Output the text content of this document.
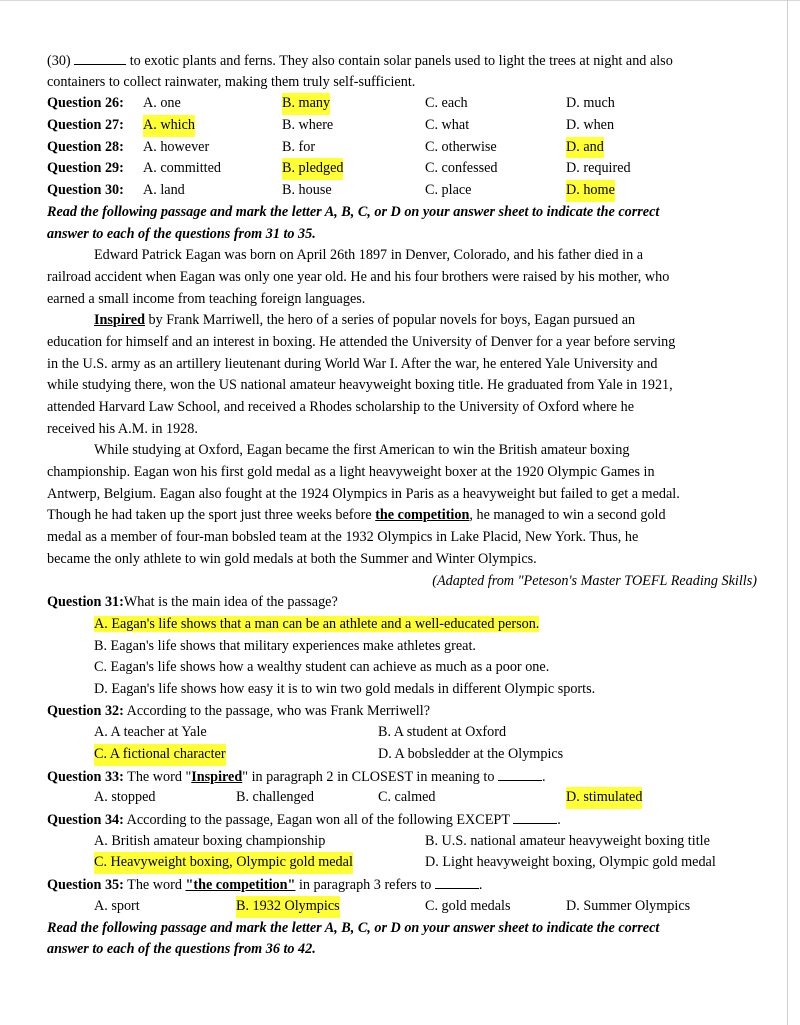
(30)	to exotic plants and ferns. They also contain solar panels used to light the trees at night and also
containers to collect rainwater, making them truly self-sufficient.
Question 26: A. one	B. many	C. each	D. much
Question 27: A. which	B. where	C. what	D. when
Question 28: A. however	B. for	C. otherwise	D. and
Question 29: A. committed	B. pledged	C. confessed	D. required
Question 30: A. land	B. house	C. place	D. home
Read the following passage and mark the letter A, B, C, or D on your answer sheet to indicate the correct
answer to each of the questions from 31 to 35.
Edward Patrick Eagan was born on April 26th 1897 in Denver, Colorado, and his father died in a
railroad accident when Eagan was only one year old. He and his four brothers were raised by his mother, who
earned a small income from teaching foreign languages.
Inspired by Frank Marriwell, the hero of a series of popular novels for boys, Eagan pursued an
education for himself and an interest in boxing. He attended the University of Denver for a year before serving
in the U.S. army as an artillery lieutenant during World War I. After the war, he entered Yale University and
while studying there, won the US national amateur heavyweight boxing title. He graduated from Yale in 1921,
attended Harvard Law School, and received a Rhodes scholarship to the University of Oxford where he
received his A.M. in 1928.
While studying at Oxford, Eagan became the first American to win the British amateur boxing
championship. Eagan won his first gold medal as a light heavyweight boxer at the 1920 Olympic Games in
Antwerp, Belgium. Eagan also fought at the 1924 Olympics in Paris as a heavyweight but failed to get a medal.
Though he had taken up the sport just three weeks before the competition, he managed to win a second gold
medal as a member of four-man bobsled team at the 1932 Olympics in Lake Placid, New York. Thus, he
became the only athlete to win gold medals at both the Summer and Winter Olympics.
(Adapted from "Peteson's Master TOEFL Reading Skills)
Question 31:What is the main idea of the passage?
A. Eagan's life shows that a man can be an athlete and a well-educated person.
B. Eagan's life shows that military experiences make athletes great.
C. Eagan's life shows how a wealthy student can achieve as much as a poor one.
D. Eagan's life shows how easy it is to win two gold medals in different Olympic sports.
Question 32: According to the passage, who was Frank Merriwell?
A. A teacher at Yale	B. A student at Oxford
C. A fictional character	D. A bobsledder at the Olympics
Question 33: The word "Inspired" in paragraph 2 in CLOSEST in meaning to	.
A. stopped	B. challenged	C. calmed	D. stimulated
Question 34: According to the passage, Eagan won all of the following EXCEPT	.
A. British amateur boxing championship	B. U.S. national amateur heavyweight boxing title
C. Heavyweight boxing, Olympic gold medal	D. Light heavyweight boxing, Olympic gold medal
Question 35: The word "the competition" in paragraph 3 refers to	.
A. sport	B. 1932 Olympics	C. gold medals	D. Summer Olympics
Read the following passage and mark the letter A, B, C, or D on your answer sheet to indicate the correct
answer to each of the questions from 36 to 42.
